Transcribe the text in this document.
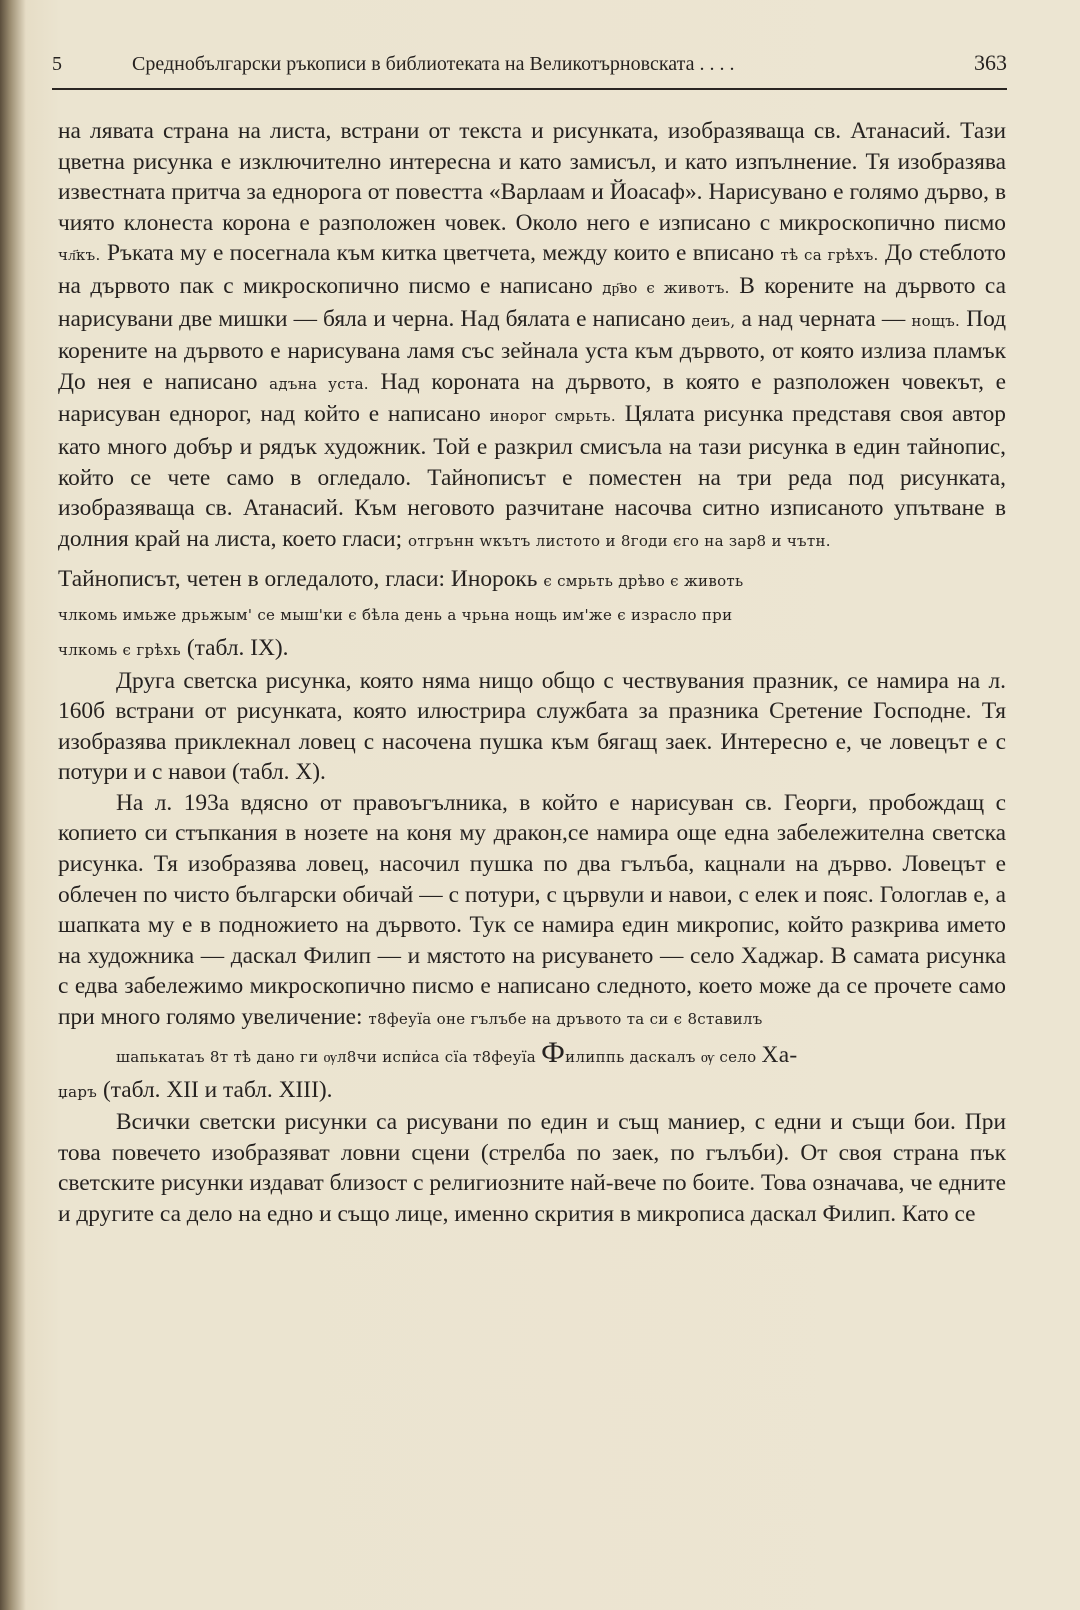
5	Среднобългарски ръкописи в библиотеката на Великотърновската . . . .	363

на лявата страна на листа, встрани от текста и рисунката, изобразяваща св. Атанасий. Тази цветна рисунка е изключително интересна и като замисъл, и като изпълнение. Тя изобразява известната притча за еднорога от повестта «Варлаам и Йоасаф». Нарисувано е голямо дърво, в чиято клонеста корона е разположен човек. Около него е изписано с микроскопично писмо чл҃къ. Ръката му е посегнала към китка цветчета, между които е вписано тѣ са грѣхъ. До стеблото на дървото пак с микроскопично писмо е написано др҃во є животъ. В корените на дървото са нарисувани две мишки — бяла и черна. Над бялата е написано деиъ, а над черната — нощъ. Под корените на дървото е нарисувана ламя със зейнала уста към дървото, от която излиза пламък До нея е написано адъна уста. Над короната на дървото, в която е разположен човекът, е нарисуван еднорог, над който е написано инорог смрьть. Цялата рисунка представя своя автор като много добър и рядък художник. Той е разкрил смисъла на тази рисунка в един тайнопис, който се чете само в огледало. Тайнописът е поместен на три реда под рисунката, изобразяваща св. Атанасий. Към неговото разчитане насочва ситно изписаното упътване в долния край на листа, което гласи; отгрънн wкътъ листото и 8годи єго на зар8 и чътн.
Тайнописът, четен в огледалото, гласи: Инорокь є смрьть дрѣво є животь
члкомь имьже дрьжым' се мыш'ки є бѣла день а чрьна нощь им'же є израсло при
члкомь є грѣхь (табл. IX).

Друга светска рисунка, която няма нищо общо с чествувания празник, се намира на л. 160б встрани от рисунката, която илюстрира службата за празника Сретение Господне. Тя изобразява приклекнал ловец с насочена пушка към бягащ заек. Интересно е, че ловецът е с потури и с навои (табл. Х).

На л. 193а вдясно от правоъгълника, в който е нарисуван св. Георги, пробождащ с копието си стъпкания в нозете на коня му дракон,се намира още една забележителна светска рисунка. Тя изобразява ловец, насочил пушка по два гълъба, кацнали на дърво. Ловецът е облечен по чисто български обичай — с потури, с цървули и навои, с елек и пояс. Гологлав е, а шапката му е в подножието на дървото. Тук се намира един микропис, който разкрива името на художника — даскал Филип — и мястото на рисуването — село Хаджар. В самата рисунка с едва забележимо микроскопично писмо е написано следното, което може да се прочете само при много голямо увеличение: т8феуїа оне гълъбе на дръвото та си є 8ставилъ
шапькатаъ 8т тѣ дано ги ѹл8чи испи̇са сїа т8феуїа Филиппь даскалъ ѹ село Ха-
џаръ (табл. XII и табл. XIII).

Всички светски рисунки са рисувани по един и същ маниер, с едни и същи бои. При това повечето изобразяват ловни сцени (стрелба по заек, по гълъби). От своя страна пък светските рисунки издават близост с религиозните най-вече по боите. Това означава, че едните и другите са дело на едно и също лице, именно скрития в микрописа даскал Филип. Като се
